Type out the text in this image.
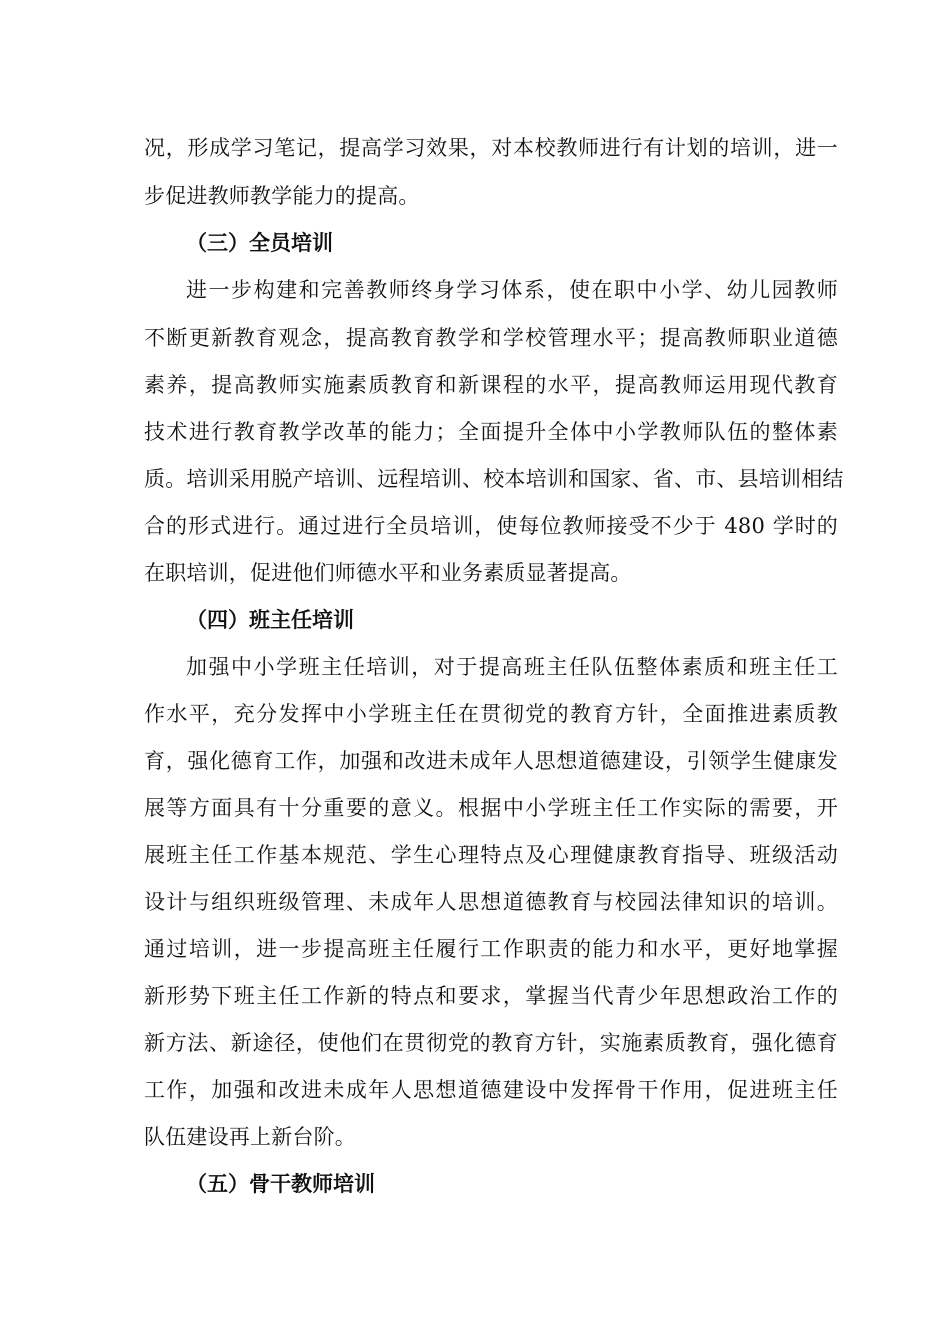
况，形成学习笔记，提高学习效果，对本校教师进行有计划的培训，进一
步促进教师教学能力的提高。
（三）全员培训
进一步构建和完善教师终身学习体系，使在职中小学、幼儿园教师
不断更新教育观念，提高教育教学和学校管理水平；提高教师职业道德
素养，提高教师实施素质教育和新课程的水平，提高教师运用现代教育
技术进行教育教学改革的能力；全面提升全体中小学教师队伍的整体素
质。培训采用脱产培训、远程培训、校本培训和国家、省、市、县培训相结
合的形式进行。通过进行全员培训，使每位教师接受不少于 480 学时的
在职培训，促进他们师德水平和业务素质显著提高。
（四）班主任培训
加强中小学班主任培训，对于提高班主任队伍整体素质和班主任工
作水平，充分发挥中小学班主任在贯彻党的教育方针，全面推进素质教
育，强化德育工作，加强和改进未成年人思想道德建设，引领学生健康发
展等方面具有十分重要的意义。根据中小学班主任工作实际的需要，开
展班主任工作基本规范、学生心理特点及心理健康教育指导、班级活动
设计与组织班级管理、未成年人思想道德教育与校园法律知识的培训。
通过培训，进一步提高班主任履行工作职责的能力和水平，更好地掌握
新形势下班主任工作新的特点和要求，掌握当代青少年思想政治工作的
新方法、新途径，使他们在贯彻党的教育方针，实施素质教育，强化德育
工作，加强和改进未成年人思想道德建设中发挥骨干作用，促进班主任
队伍建设再上新台阶。
（五）骨干教师培训
